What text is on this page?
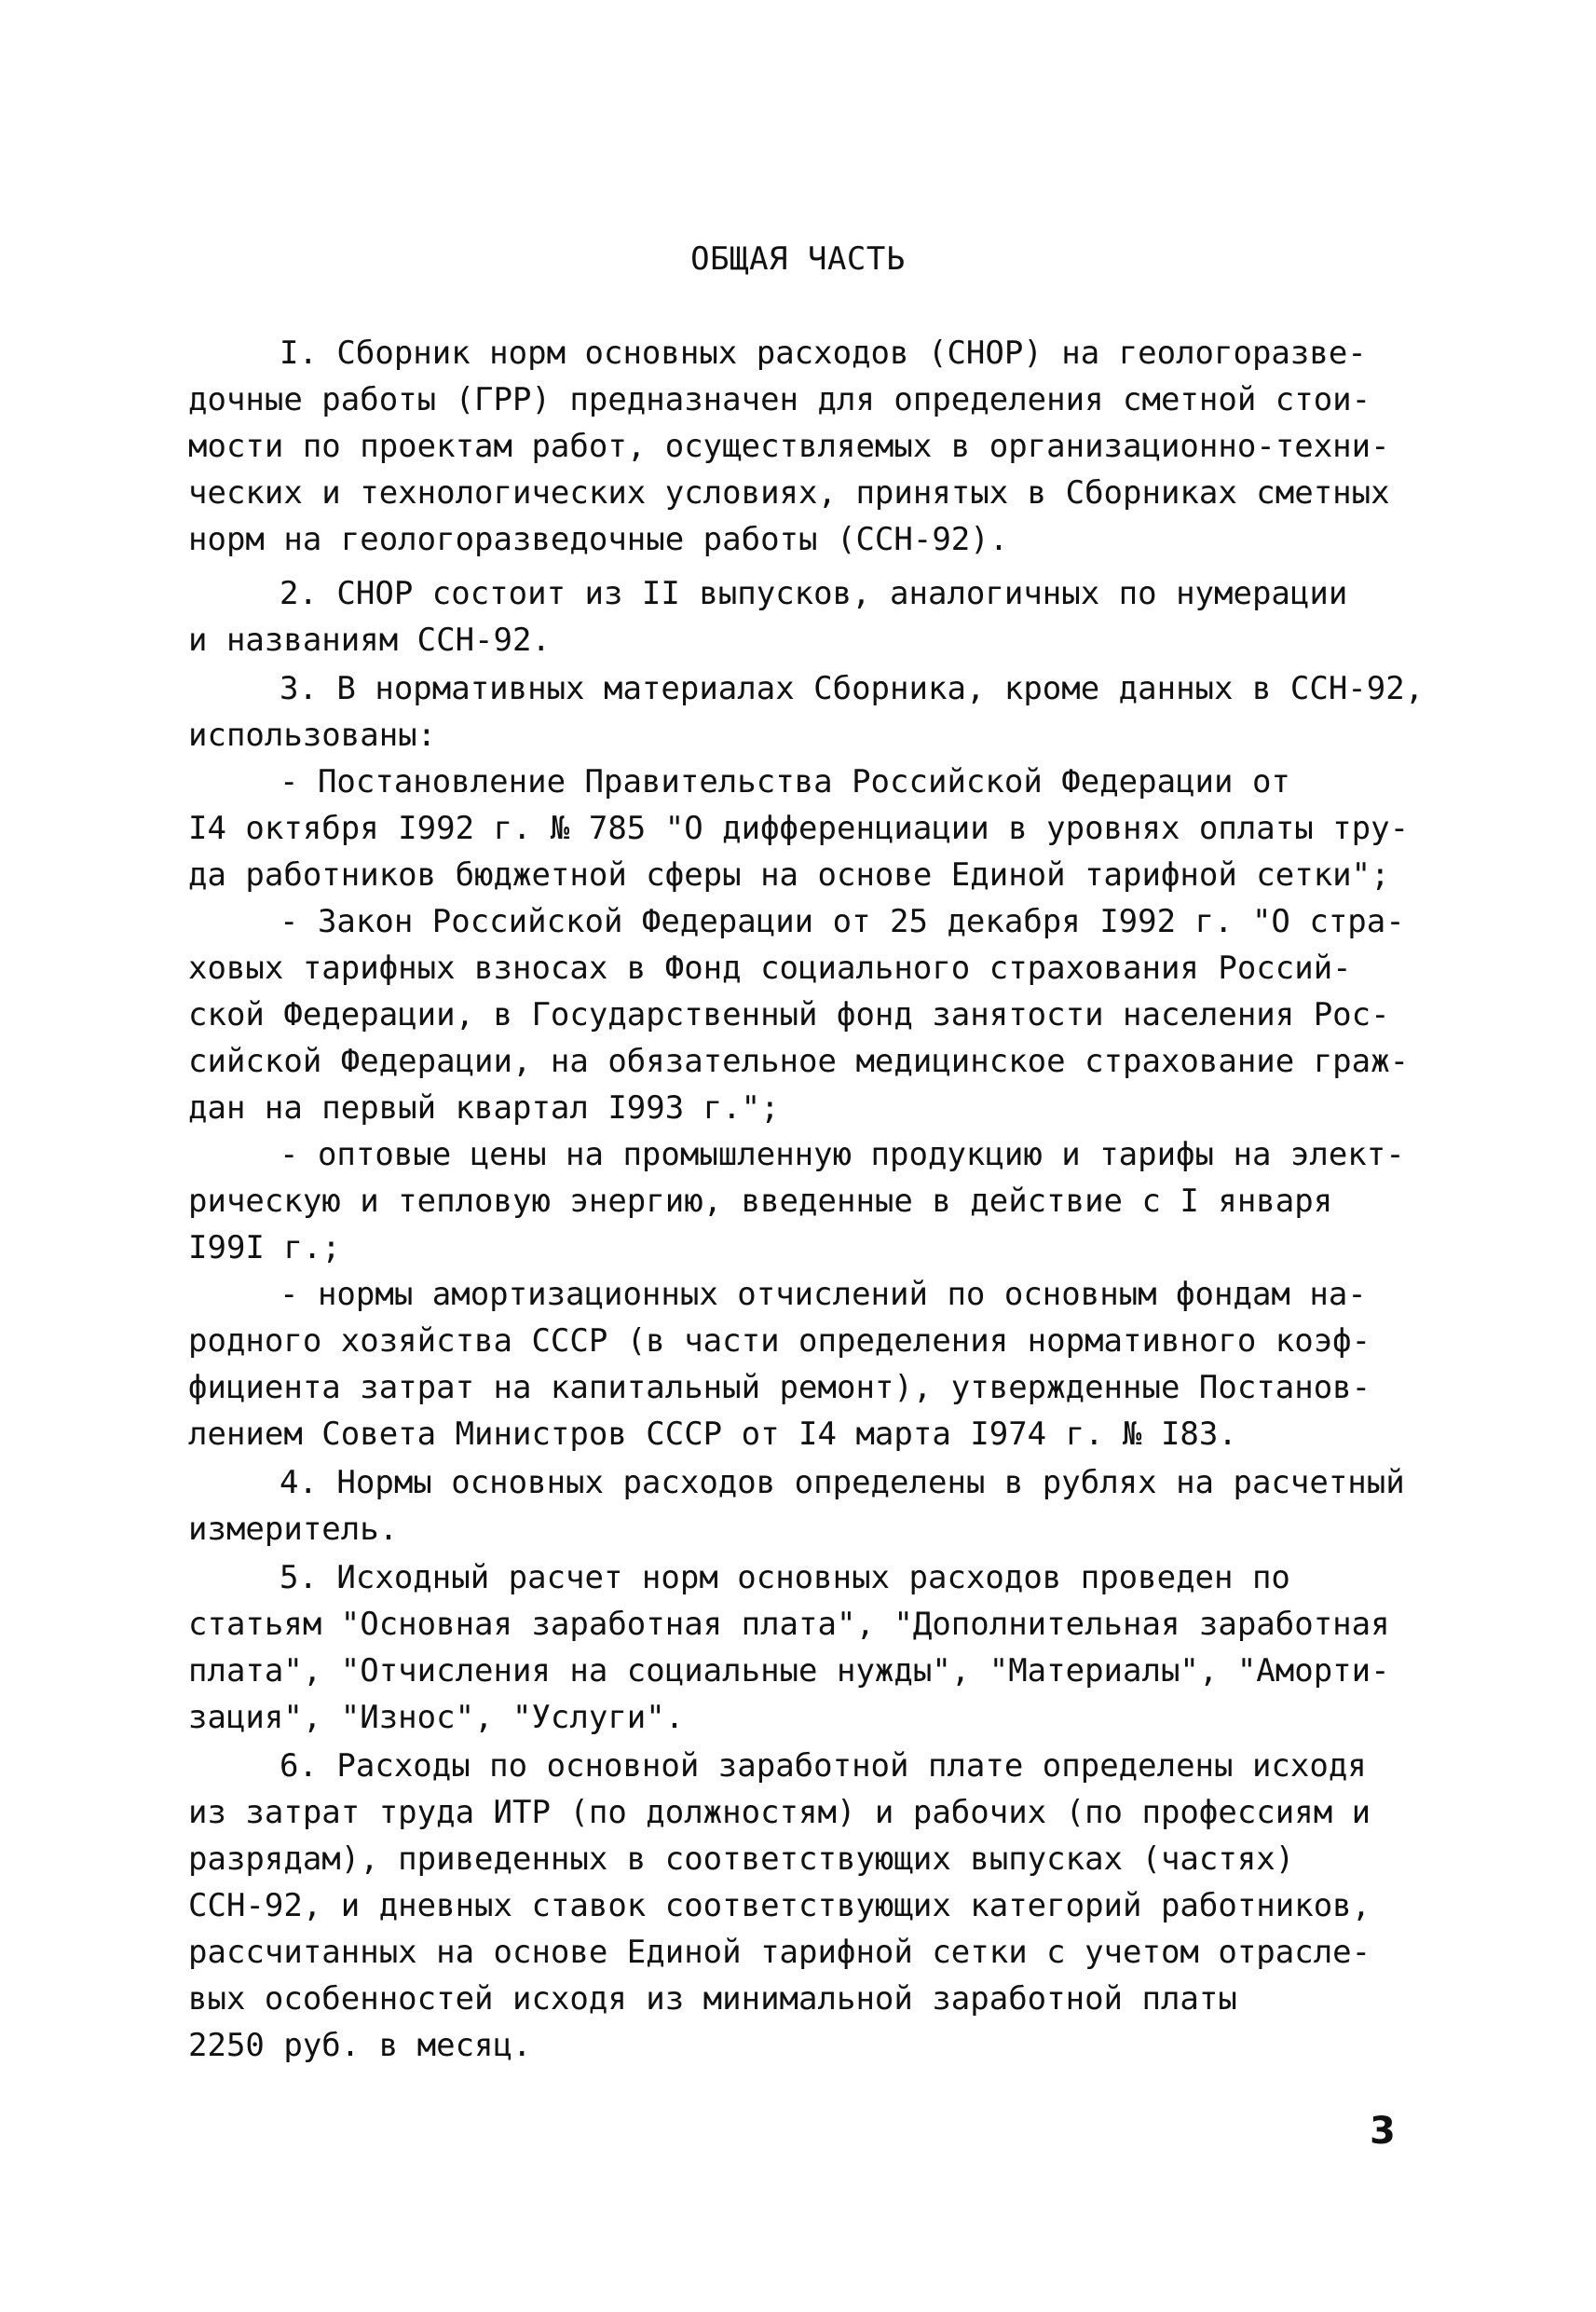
ОБЩАЯ ЧАСТЬ
I. Сборник норм основных расходов (СНОР) на геологоразве-
дочные работы (ГРР) предназначен для определения сметной стои-
мости по проектам работ, осуществляемых в организационно-техни-
ческих и технологических условиях, принятых в Сборниках сметных
норм на геологоразведочные работы (ССН-92).
2. СНОР состоит из II выпусков, аналогичных по нумерации
и названиям ССН-92.
3. В нормативных материалах Сборника, кроме данных в ССН-92,
использованы:
- Постановление Правительства Российской Федерации от
I4 октября I992 г. № 785 "О дифференциации в уровнях оплаты тру-
да работников бюджетной сферы на основе Единой тарифной сетки";
- Закон Российской Федерации от 25 декабря I992 г. "О стра-
ховых тарифных взносах в Фонд социального страхования Россий-
ской Федерации, в Государственный фонд занятости населения Рос-
сийской Федерации, на обязательное медицинское страхование граж-
дан на первый квартал I993 г.";
- оптовые цены на промышленную продукцию и тарифы на элект-
рическую и тепловую энергию, введенные в действие с I января
I99I г.;
- нормы амортизационных отчислений по основным фондам на-
родного хозяйства СССР (в части определения нормативного коэф-
фициента затрат на капитальный ремонт), утвержденные Постанов-
лением Совета Министров СССР от I4 марта I974 г. № I83.
4. Нормы основных расходов определены в рублях на расчетный
измеритель.
5. Исходный расчет норм основных расходов проведен по
статьям "Основная заработная плата", "Дополнительная заработная
плата", "Отчисления на социальные нужды", "Материалы", "Аморти-
зация", "Износ", "Услуги".
6. Расходы по основной заработной плате определены исходя
из затрат труда ИТР (по должностям) и рабочих (по профессиям и
разрядам), приведенных в соответствующих выпусках (частях)
ССН-92, и дневных ставок соответствующих категорий работников,
рассчитанных на основе Единой тарифной сетки с учетом отрасле-
вых особенностей исходя из минимальной заработной платы
2250 руб. в месяц.
3
